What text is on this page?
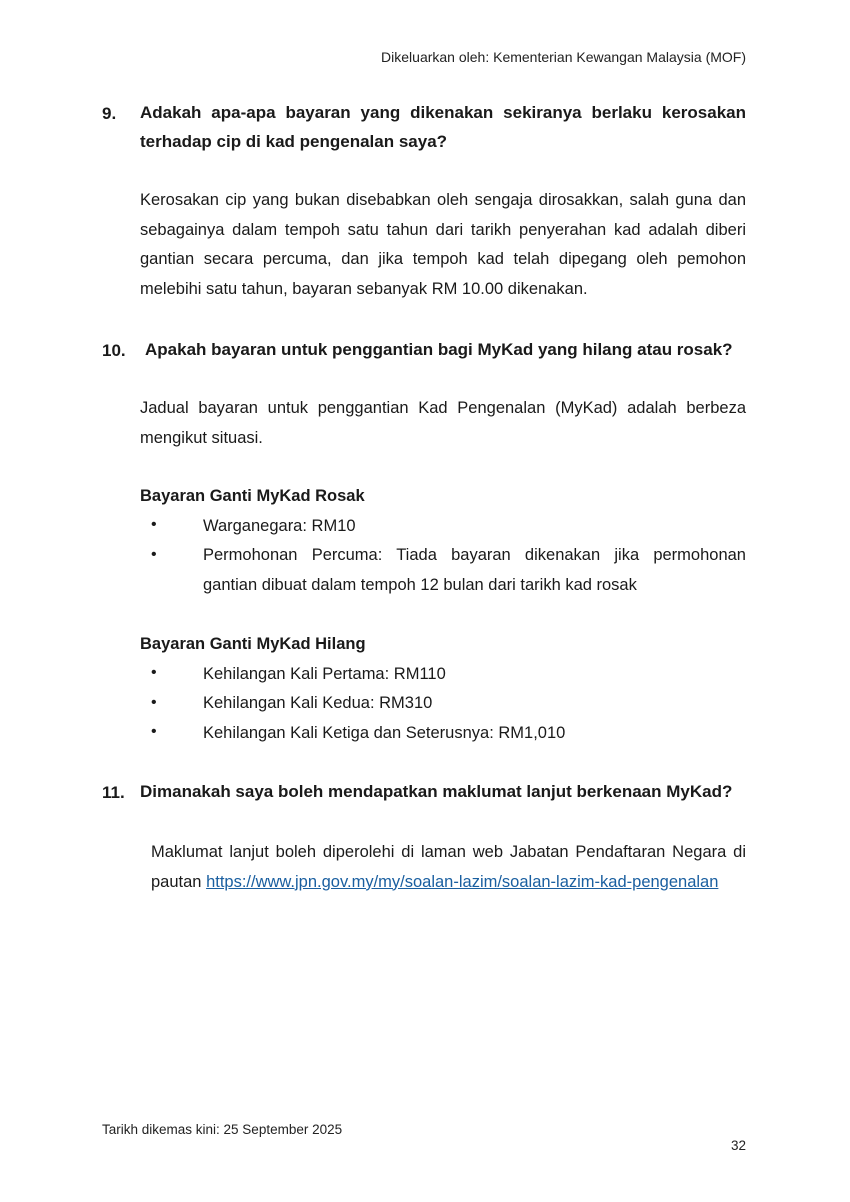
Dikeluarkan oleh: Kementerian Kewangan Malaysia (MOF)
9. Adakah apa-apa bayaran yang dikenakan sekiranya berlaku kerosakan terhadap cip di kad pengenalan saya?
Kerosakan cip yang bukan disebabkan oleh sengaja dirosakkan, salah guna dan sebagainya dalam tempoh satu tahun dari tarikh penyerahan kad adalah diberi gantian secara percuma, dan jika tempoh kad telah dipegang oleh pemohon melebihi satu tahun, bayaran sebanyak RM 10.00 dikenakan.
10. Apakah bayaran untuk penggantian bagi MyKad yang hilang atau rosak?
Jadual bayaran untuk penggantian Kad Pengenalan (MyKad) adalah berbeza mengikut situasi.
Bayaran Ganti MyKad Rosak
•	Warganegara: RM10
•	Permohonan Percuma: Tiada bayaran dikenakan jika permohonan gantian dibuat dalam tempoh 12 bulan dari tarikh kad rosak
Bayaran Ganti MyKad Hilang
•	Kehilangan Kali Pertama: RM110
•	Kehilangan Kali Kedua: RM310
•	Kehilangan Kali Ketiga dan Seterusnya: RM1,010
11. Dimanakah saya boleh mendapatkan maklumat lanjut berkenaan MyKad?
Maklumat lanjut boleh diperolehi di laman web Jabatan Pendaftaran Negara di pautan https://www.jpn.gov.my/my/soalan-lazim/soalan-lazim-kad-pengenalan
Tarikh dikemas kini: 25 September 2025
32
